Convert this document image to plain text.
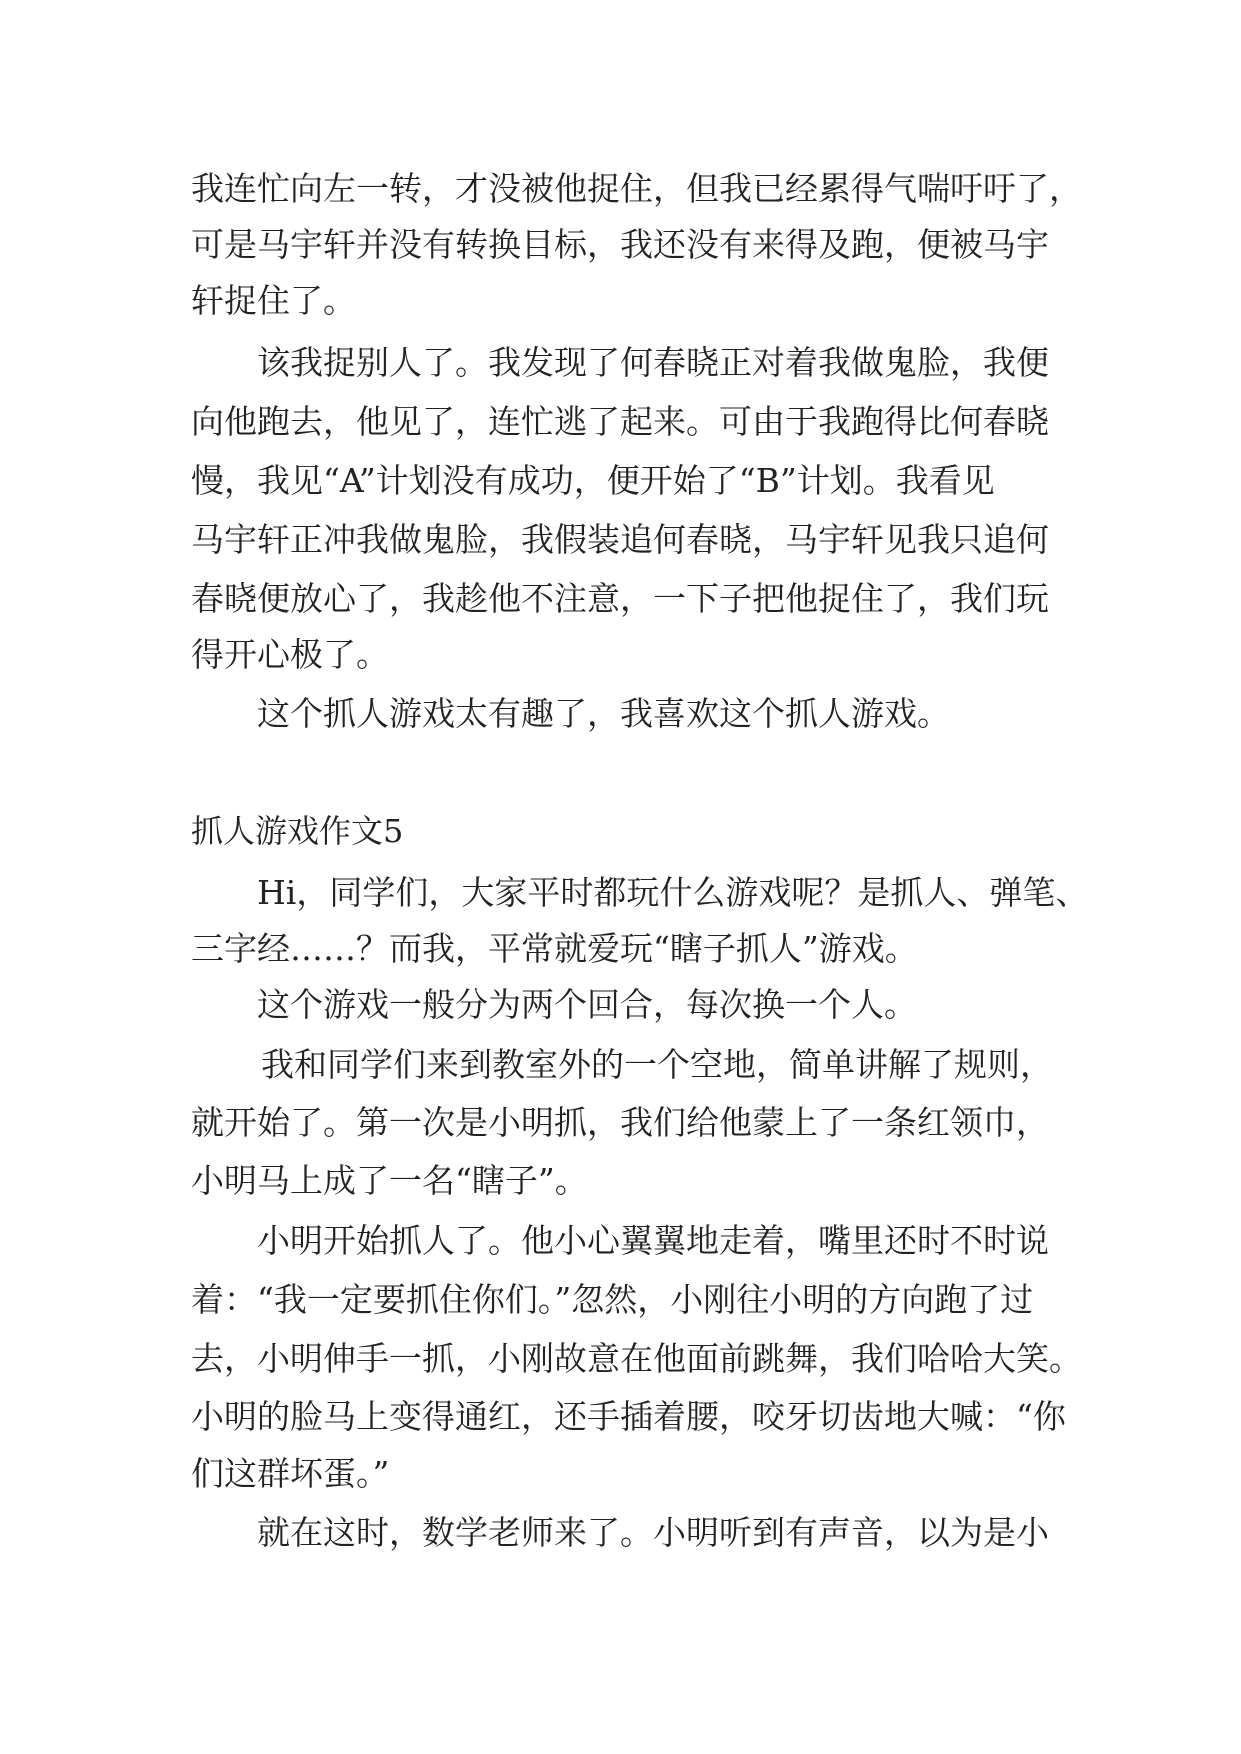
我连忙向左一转，才没被他捉住，但我已经累得气喘吁吁了，
可是马宇轩并没有转换目标，我还没有来得及跑，便被马宇
轩捉住了。
该我捉别人了。我发现了何春晓正对着我做鬼脸，我便
向他跑去，他见了，连忙逃了起来。可由于我跑得比何春晓
慢，我见“A”计划没有成功，便开始了“B”计划。我看见
马宇轩正冲我做鬼脸，我假装追何春晓，马宇轩见我只追何
春晓便放心了，我趁他不注意，一下子把他捉住了，我们玩
得开心极了。
这个抓人游戏太有趣了，我喜欢这个抓人游戏。
抓人游戏作文5
Hi，同学们，大家平时都玩什么游戏呢？是抓人、弹笔、
三字经……？而我，平常就爱玩“瞎子抓人”游戏。
这个游戏一般分为两个回合，每次换一个人。
我和同学们来到教室外的一个空地，简单讲解了规则，
就开始了。第一次是小明抓，我们给他蒙上了一条红领巾，
小明马上成了一名“瞎子”。
小明开始抓人了。他小心翼翼地走着，嘴里还时不时说
着：“我一定要抓住你们。”忽然，小刚往小明的方向跑了过
去，小明伸手一抓，小刚故意在他面前跳舞，我们哈哈大笑。
小明的脸马上变得通红，还手插着腰，咬牙切齿地大喊：“你
们这群坏蛋。”
就在这时，数学老师来了。小明听到有声音，以为是小
